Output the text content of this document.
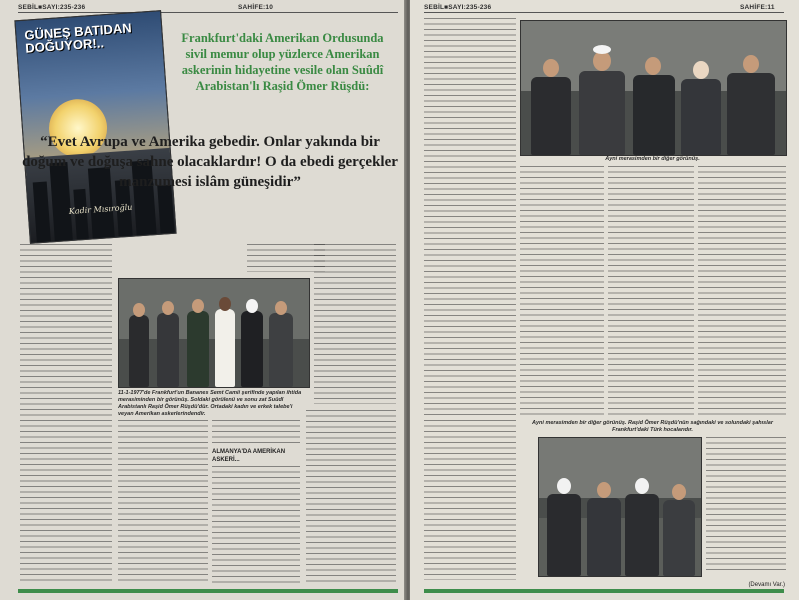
SEBİL■SAYI:235-236	SAHİFE:10
GÜNEŞ BATIDAN DOĞUYOR!..
Kadir Mısıroğlu

Frankfurt'daki Amerikan Ordusunda sivil memur olup yüzlerce Amerikan askerinin hidayetine vesile olan Suûdî Arabistan'lı Raşid Ömer Rüşdü:

“Evet Avrupa ve Amerika gebedir. Onlar yakında bir doğum ve doğuşa sahne olacaklardır! O da ebedi gerçekler manzumesi islâm güneşidir”

11-1-1977'de Frankfurt'un Bananes Semt Camii şerifinde yapılan ihtida merasiminden bir görünüş. Soldaki görülenü ve sonu zat Suûdî Arabistanlı Raşid Ömer Rüşdü'dür. Ortadaki kadın ve erkek talebe'i veyan Amerikan askerlerindendir.

ALMANYA'DA AMERİKAN ASKERİ...

SEBİL■SAYI:235-236	SAHİFE:11

Ayni merasimden bir diğer görünüş.

Ayni merasimden bir diğer görünüş. Raşid Ömer Rüşdü'nün sağındaki ve solundaki şahıslar Frankfurt'daki Türk hocalarıdır.

(Devamı Var.)
